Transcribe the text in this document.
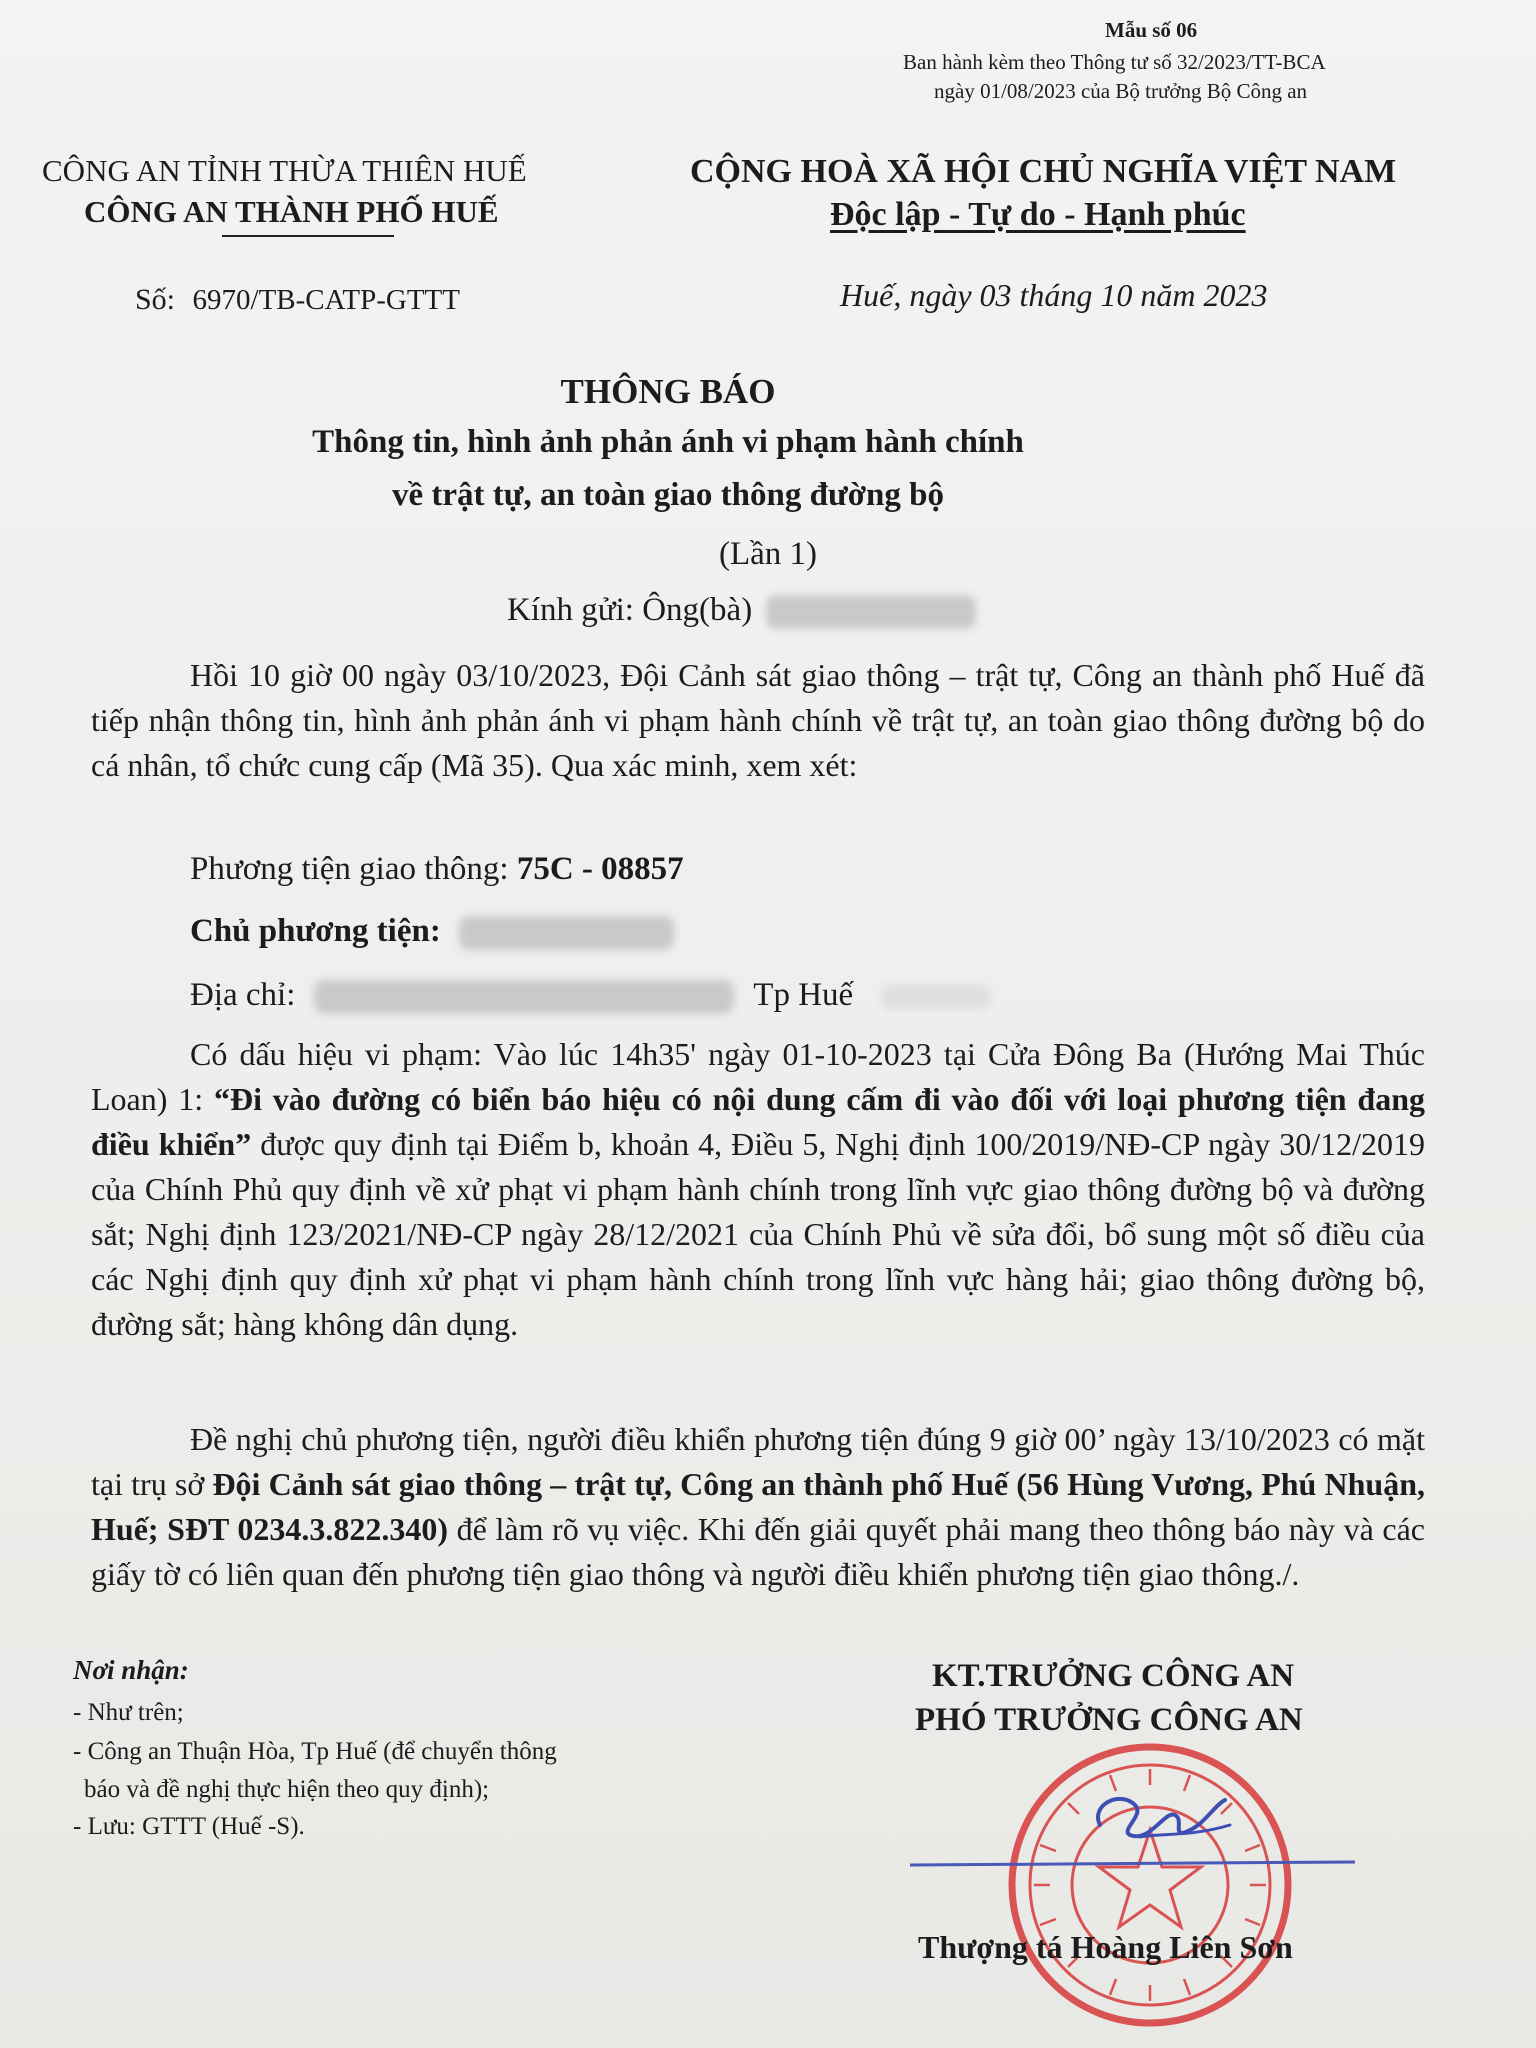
Mẫu số 06
Ban hành kèm theo Thông tư số 32/2023/TT-BCA
ngày 01/08/2023 của Bộ trưởng Bộ Công an
CÔNG AN TỈNH THỪA THIÊN HUẾ
CÔNG AN THÀNH PHỐ HUẾ
Số: 6970/TB-CATP-GTTT
CỘNG HOÀ XÃ HỘI CHỦ NGHĨA VIỆT NAM
Độc lập - Tự do - Hạnh phúc
Huế, ngày 03 tháng 10 năm 2023
THÔNG BÁO
Thông tin, hình ảnh phản ánh vi phạm hành chính
về trật tự, an toàn giao thông đường bộ
(Lần 1)
Kính gửi: Ông(bà)

Hồi 10 giờ 00 ngày 03/10/2023, Đội Cảnh sát giao thông – trật tự, Công an thành phố Huế đã tiếp nhận thông tin, hình ảnh phản ánh vi phạm hành chính về trật tự, an toàn giao thông đường bộ do cá nhân, tổ chức cung cấp (Mã 35). Qua xác minh, xem xét:

Phương tiện giao thông: 75C - 08857
Chủ phương tiện:
Địa chỉ:	Tp Huế

Có dấu hiệu vi phạm: Vào lúc 14h35' ngày 01-10-2023 tại Cửa Đông Ba (Hướng Mai Thúc Loan) 1: “Đi vào đường có biển báo hiệu có nội dung cấm đi vào đối với loại phương tiện đang điều khiển” được quy định tại Điểm b, khoản 4, Điều 5, Nghị định 100/2019/NĐ-CP ngày 30/12/2019 của Chính Phủ quy định về xử phạt vi phạm hành chính trong lĩnh vực giao thông đường bộ và đường sắt; Nghị định 123/2021/NĐ-CP ngày 28/12/2021 của Chính Phủ về sửa đổi, bổ sung một số điều của các Nghị định quy định xử phạt vi phạm hành chính trong lĩnh vực hàng hải; giao thông đường bộ, đường sắt; hàng không dân dụng.

Đề nghị chủ phương tiện, người điều khiển phương tiện đúng 9 giờ 00’ ngày 13/10/2023 có mặt tại trụ sở Đội Cảnh sát giao thông – trật tự, Công an thành phố Huế (56 Hùng Vương, Phú Nhuận, Huế; SĐT 0234.3.822.340) để làm rõ vụ việc. Khi đến giải quyết phải mang theo thông báo này và các giấy tờ có liên quan đến phương tiện giao thông và người điều khiển phương tiện giao thông./.

Nơi nhận:
- Như trên;
- Công an Thuận Hòa, Tp Huế (để chuyển thông
báo và đề nghị thực hiện theo quy định);
- Lưu: GTTT (Huế -S).
KT.TRƯỞNG CÔNG AN
PHÓ TRƯỞNG CÔNG AN
Thượng tá Hoàng Liên Sơn
